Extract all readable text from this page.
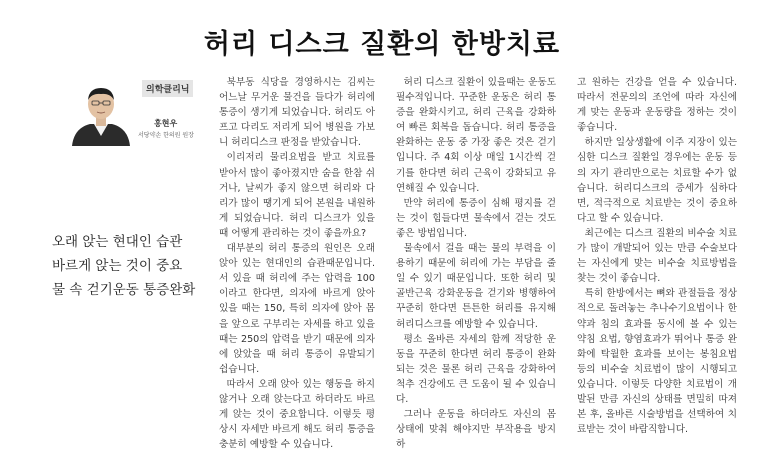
허리 디스크 질환의 한방치료
의학클리닉
홍현우
서당약손 한의원 원장
오래 앉는 현대인 습관
바르게 앉는 것이 중요
물 속 걷기운동 통증완화

북부동 식당을 경영하시는 김씨는 어느날 무거운 물건을 들다가 허리에 통증이 생기게 되었습니다. 허리도 아프고 다리도 저리게 되어 병원을 가보니 허리디스크 판정을 받았습니다.

이리저리 물리요법을 받고 치료를 받아서 많이 좋아졌지만 숨을 한참 쉬거나, 날씨가 좋지 않으면 허리와 다리가 많이 땡기게 되어 본원을 내원하게 되었습니다. 허리 디스크가 있을 때 어떻게 관리하는 것이 좋을까요?

대부분의 허리 통증의 원인은 오래 앉아 있는 현대인의 습관때문입니다. 서 있을 때 허리에 주는 압력을 100이라고 한다면, 의자에 바르게 앉아 있을 때는 150, 특히 의자에 앉아 몸을 앞으로 구부리는 자세를 하고 있을 때는 250의 압력을 받기 때문에 의자에 앉았을 때 허리 통증이 유발되기 쉽습니다.

따라서 오래 앉아 있는 행동을 하지 않거나 오래 앉는다고 하더라도 바르게 앉는 것이 중요합니다. 이렇듯 평상시 자세만 바르게 해도 허리 통증을 충분히 예방할 수 있습니다.

허리 디스크 질환이 있을때는 운동도 필수적입니다. 꾸준한 운동은 허리 통증을 완화시키고, 허리 근육을 강화하여 빠른 회복을 돕습니다. 허리 통증을 완화하는 운동 중 가장 좋은 것은 걷기입니다. 주 4회 이상 매일 1시간씩 걷기를 한다면 허리 근육이 강화되고 유연해질 수 있습니다.

만약 허리에 통증이 심해 평지를 걷는 것이 힘들다면 물속에서 걷는 것도 좋은 방법입니다.

물속에서 걸을 때는 물의 부력을 이용하기 때문에 허리에 가는 부담을 줄일 수 있기 때문입니다. 또한 허리 및 골반근육 강화운동을 걷기와 병행하여 꾸준히 한다면 튼튼한 허리를 유지해 허리디스크를 예방할 수 있습니다.

평소 올바른 자세의 함께 적당한 운동을 꾸준히 한다면 허리 통증이 완화되는 것은 물론 허리 근육을 강화하여 척추 건강에도 큰 도움이 될 수 있습니다.

그러나 운동을 하더라도 자신의 몸 상태에 맞춰 해야지만 부작용을 방지하

고 원하는 건강을 얻을 수 있습니다. 따라서 전문의의 조언에 따라 자신에게 맞는 운동과 운동량을 정하는 것이 좋습니다.

하지만 일상생활에 이주 지장이 있는 심한 디스크 질환일 경우에는 운동 등의 자기 관리만으로는 치료할 수가 없습니다. 허리디스크의 증세가 심하다면, 적극적으로 치료받는 것이 중요하다고 할 수 있습니다.

최근에는 디스크 질환의 비수술 치료가 많이 개발되어 있는 만큼 수술보다는 자신에게 맞는 비수술 치료방법을 찾는 것이 좋습니다.

특히 한방에서는 뼈와 관절들을 정상적으로 돌려놓는 추나수기요법이나 한약과 침의 효과를 동시에 볼 수 있는 약침 요법, 향염효과가 뛰어나 통증 완화에 탁월한 효과를 보이는 봉침요법 등의 비수술 치료법이 많이 시행되고 있습니다. 이렇듯 다양한 치료법이 개발된 만큼 자신의 상태를 면밀히 따져본 후, 올바른 시술방법을 선택하여 치료받는 것이 바람직합니다.
